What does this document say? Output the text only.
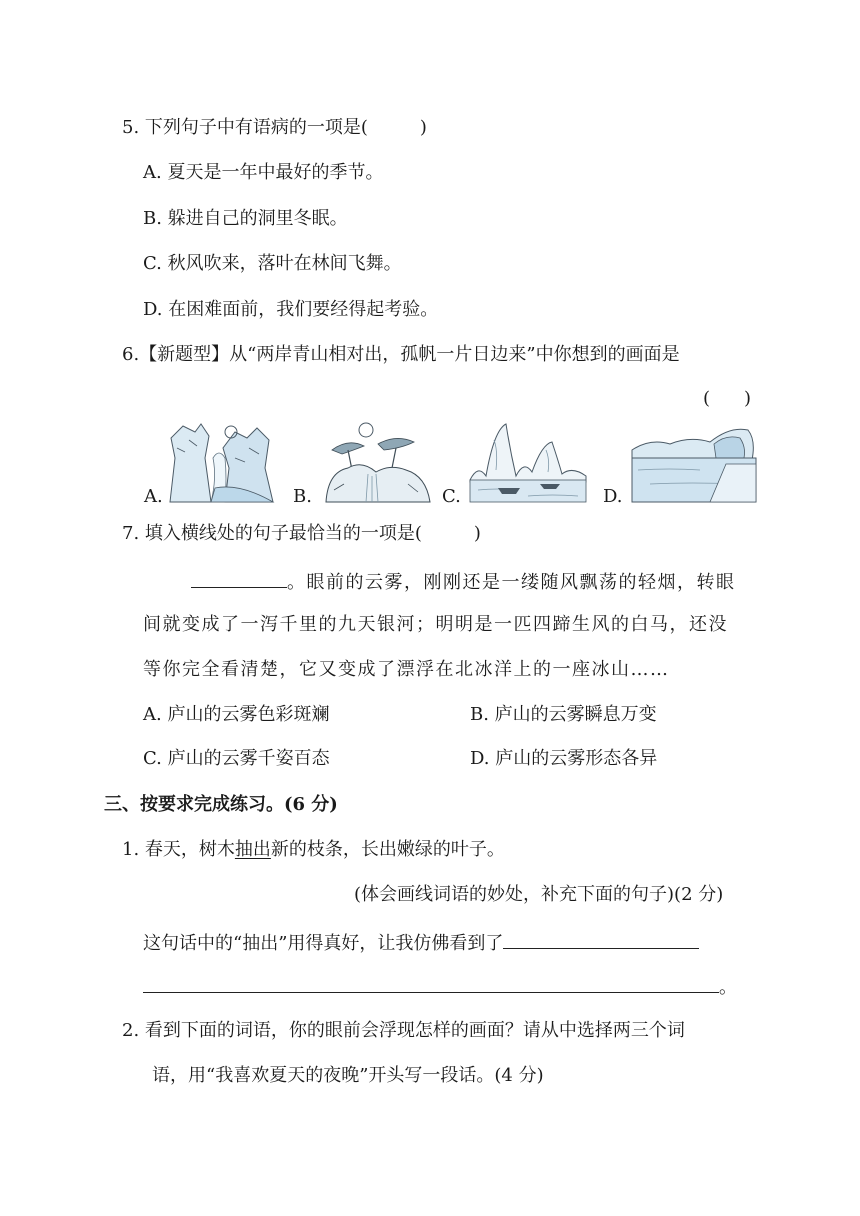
5. 下列句子中有语病的一项是(	)
A. 夏天是一年中最好的季节。
B. 躲进自己的洞里冬眠。
C. 秋风吹来，落叶在林间飞舞。
D. 在困难面前，我们要经得起考验。
6.【新题型】从“两岸青山相对出，孤帆一片日边来”中你想到的画面是
( )
A.	B.	C.	D.
7. 填入横线处的句子最恰当的一项是(	)
。眼前的云雾，刚刚还是一缕随风飘荡的轻烟，转眼
间就变成了一泻千里的九天银河；明明是一匹四蹄生风的白马，还没
等你完全看清楚，它又变成了漂浮在北冰洋上的一座冰山……
A. 庐山的云雾色彩斑斓	B. 庐山的云雾瞬息万变
C. 庐山的云雾千姿百态	D. 庐山的云雾形态各异
三、按要求完成练习。(6 分)
1. 春天，树木抽出新的枝条，长出嫩绿的叶子。
(体会画线词语的妙处，补充下面的句子)(2 分)
这句话中的“抽出”用得真好，让我仿佛看到了
。
2. 看到下面的词语，你的眼前会浮现怎样的画面？请从中选择两三个词
语，用“我喜欢夏天的夜晚”开头写一段话。(4 分)
